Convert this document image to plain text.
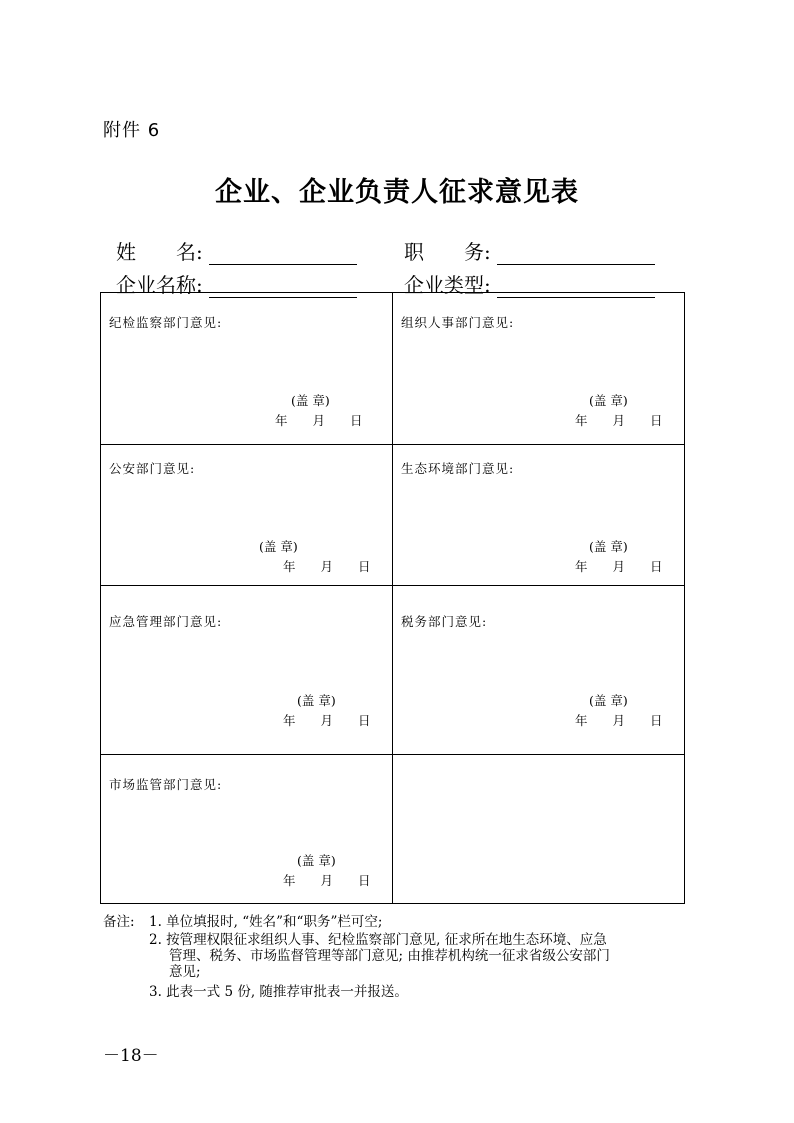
附件 6
企业、企业负责人征求意见表
姓　　名:	职　　务:
企业名称:	企业类型:
纪检监察部门意见:
(盖 章)
年　　月　　日
组织人事部门意见:
(盖 章)
年　　月　　日
公安部门意见:
(盖 章)
年　　月　　日
生态环境部门意见:
(盖 章)
年　　月　　日
应急管理部门意见:
(盖 章)
年　　月　　日
税务部门意见:
(盖 章)
年　　月　　日
市场监管部门意见:
(盖 章)
年　　月　　日
备注: 1. 单位填报时, “姓名”和“职务”栏可空;
2. 按管理权限征求组织人事、纪检监察部门意见, 征求所在地生态环境、应急
管理、税务、市场监督管理等部门意见; 由推荐机构统一征求省级公安部门
意见;
3. 此表一式 5 份, 随推荐审批表一并报送。
－18－
